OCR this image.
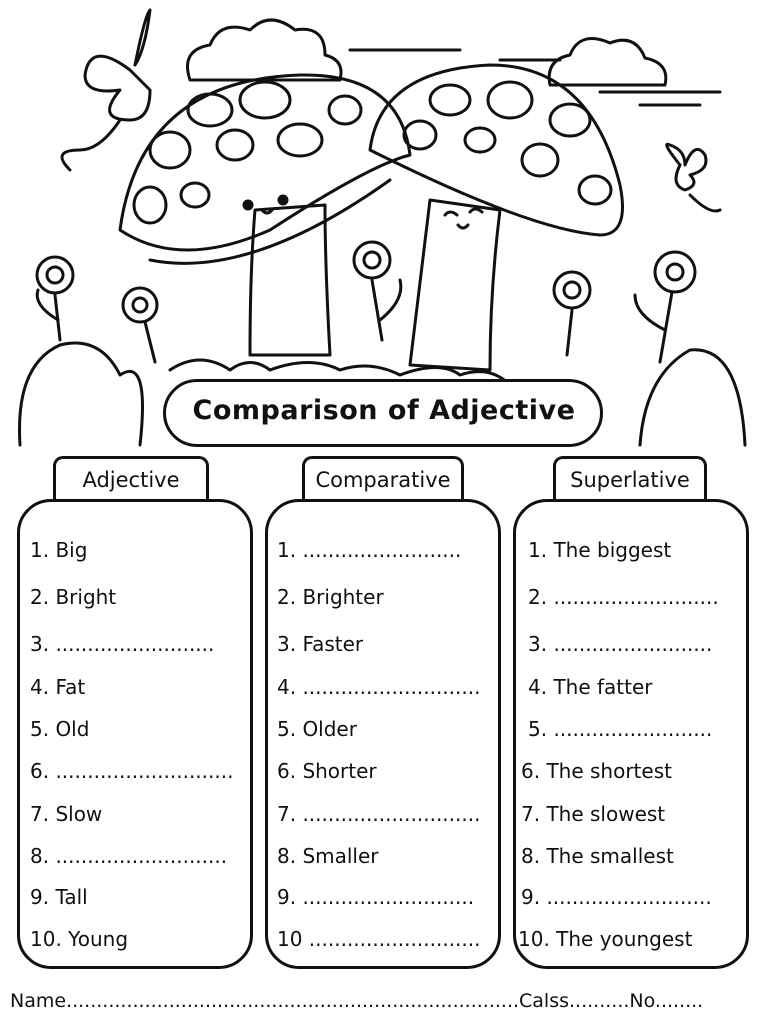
Comparison of Adjective
Adjective	Comparative	Superlative
1. Big
2. Bright
3. .........................
4. Fat
5. Old
6. ............................
7. Slow
8. ...........................
9. Tall
10. Young
1. .........................
2. Brighter
3. Faster
4. ............................
5. Older
6. Shorter
7. ............................
8. Smaller
9. ...........................
10 ...........................
1. The biggest
2. ..........................
3. .........................
4. The fatter
5. .........................
6. The shortest
7. The slowest
8. The smallest
9. ..........................
10. The youngest
Name...........................................................................Calss..........No........
